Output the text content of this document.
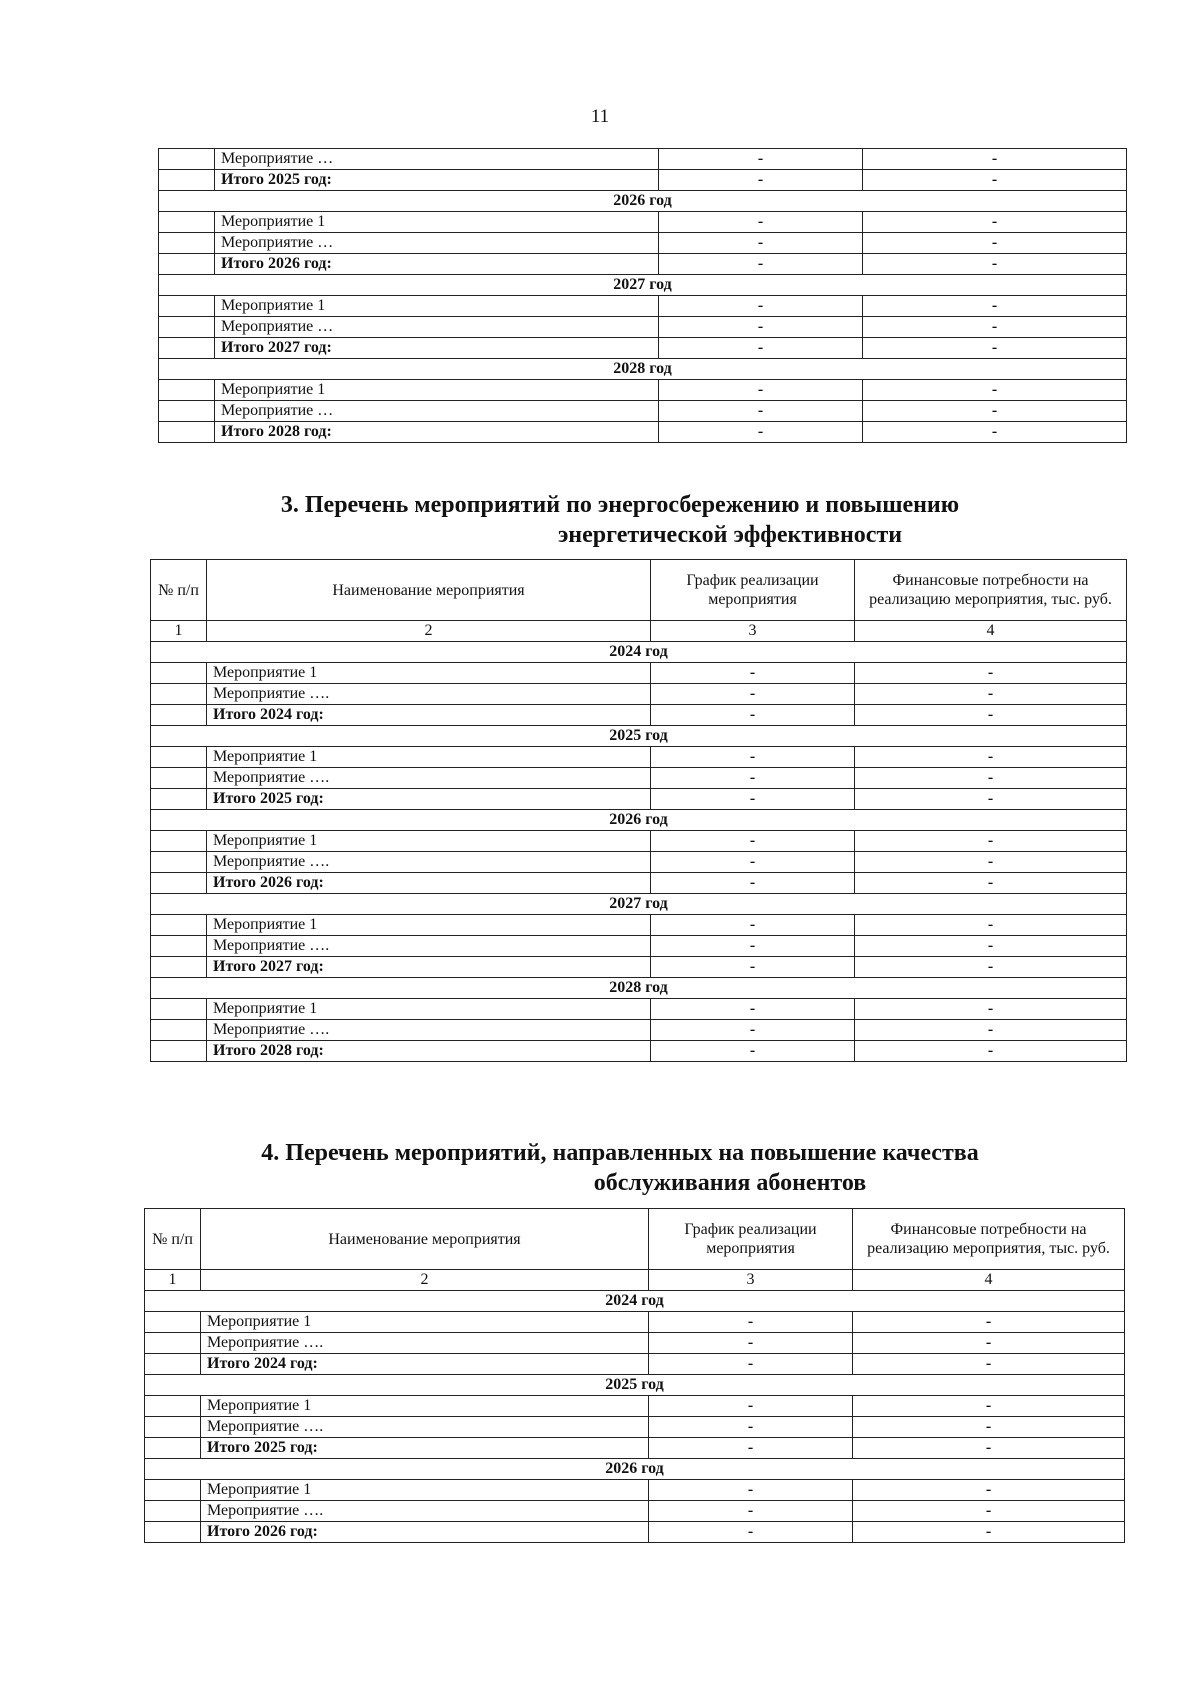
11
	Мероприятие …	-	-
	Итого 2025 год:	-	-
2026 год			
	Мероприятие 1	-	-
	Мероприятие …	-	-
	Итого 2026 год:	-	-
2027 год			
	Мероприятие 1	-	-
	Мероприятие …	-	-
	Итого 2027 год:	-	-
2028 год			
	Мероприятие 1	-	-
	Мероприятие …	-	-
	Итого 2028 год:	-	-
3. Перечень мероприятий по энергосбережению и повышению
энергетической эффективности
№ п/п	Наименование мероприятия	График реализации мероприятия	Финансовые потребности на реализацию мероприятия, тыс. руб.
1	2	3	4
2024 год			
	Мероприятие 1	-	-
	Мероприятие ….	-	-
	Итого 2024 год:	-	-
2025 год			
	Мероприятие 1	-	-
	Мероприятие ….	-	-
	Итого 2025 год:	-	-
2026 год			
	Мероприятие 1	-	-
	Мероприятие ….	-	-
	Итого 2026 год:	-	-
2027 год			
	Мероприятие 1	-	-
	Мероприятие ….	-	-
	Итого 2027 год:	-	-
2028 год			
	Мероприятие 1	-	-
	Мероприятие ….	-	-
	Итого 2028 год:	-	-
4. Перечень мероприятий, направленных на повышение качества
обслуживания абонентов
№ п/п	Наименование мероприятия	График реализации мероприятия	Финансовые потребности на реализацию мероприятия, тыс. руб.
1	2	3	4
2024 год			
	Мероприятие 1	-	-
	Мероприятие ….	-	-
	Итого 2024 год:	-	-
2025 год			
	Мероприятие 1	-	-
	Мероприятие ….	-	-
	Итого 2025 год:	-	-
2026 год			
	Мероприятие 1	-	-
	Мероприятие ….	-	-
	Итого 2026 год:	-	-
